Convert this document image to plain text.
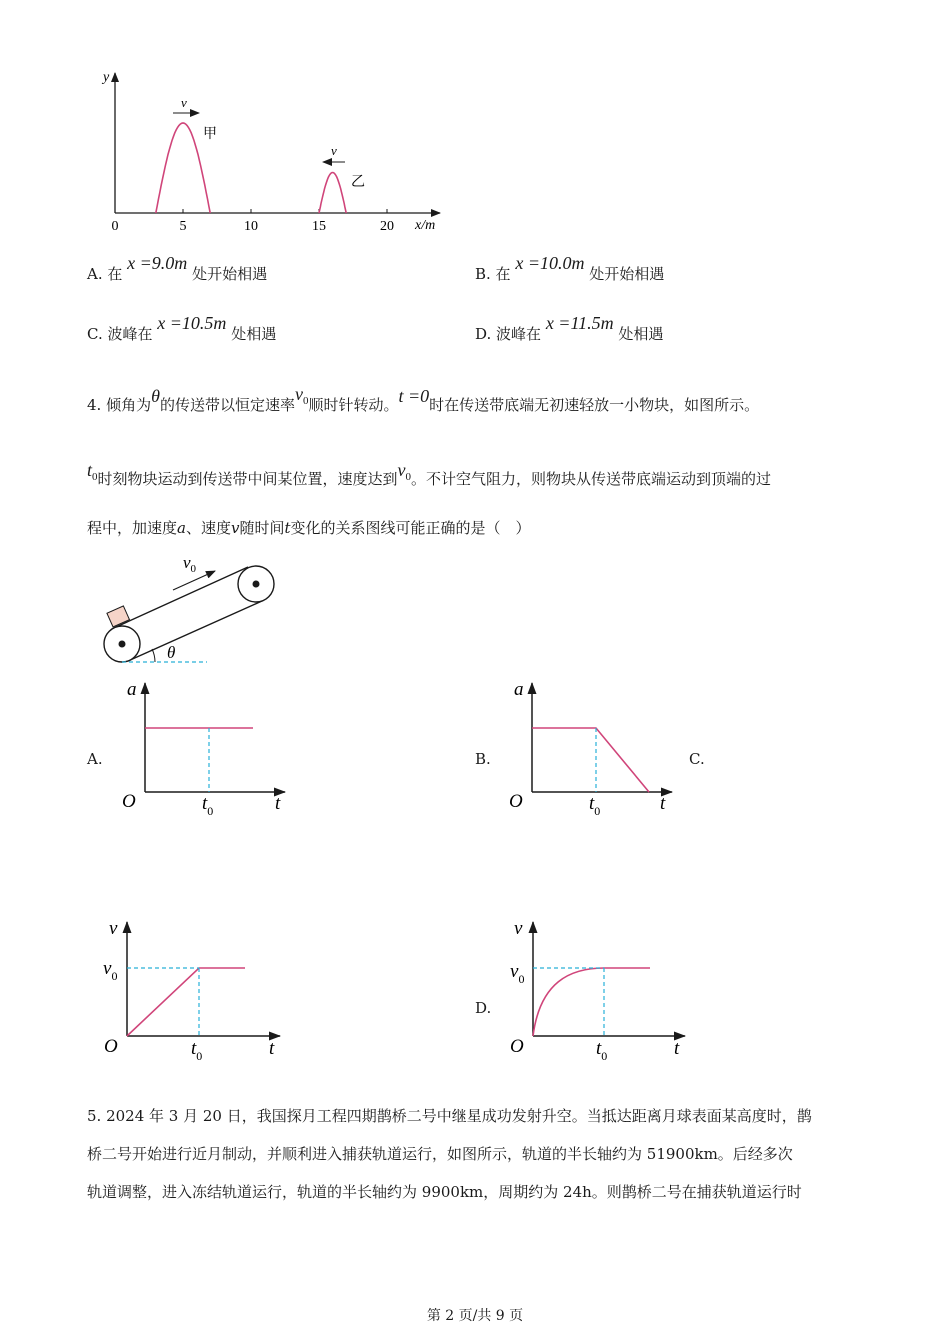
y
x/m
0	5	10	15	20
v
甲
v
乙
A. 在 x =9.0m 处开始相遇	B. 在 x =10.0m 处开始相遇
C. 波峰在 x =10.5m 处相遇	D. 波峰在 x =11.5m 处相遇
4. 倾角为θ的传送带以恒定速率$v_0$顺时针转动。t =0时在传送带底端无初速轻放一小物块，如图所示。
$t_0$时刻物块运动到传送带中间某位置，速度达到$v_0$。不计空气阻力，则物块从传送带底端运动到顶端的过
程中，加速度a、速度v随时间t变化的关系图线可能正确的是（　）
$v_0$
θ
A.
a
O	t
$t_0$
B.
a
O	t
$t_0$
C.
v
$v_0$
O	t
$t_0$
D.
v
$v_0$
O	t
$t_0$
5. 2024 年 3 月 20 日，我国探月工程四期鹊桥二号中继星成功发射升空。当抵达距离月球表面某高度时，鹊
桥二号开始进行近月制动，并顺利进入捕获轨道运行，如图所示，轨道的半长轴约为 51900km。后经多次
轨道调整，进入冻结轨道运行，轨道的半长轴约为 9900km，周期约为 24h。则鹊桥二号在捕获轨道运行时
第 2 页/共 9 页
